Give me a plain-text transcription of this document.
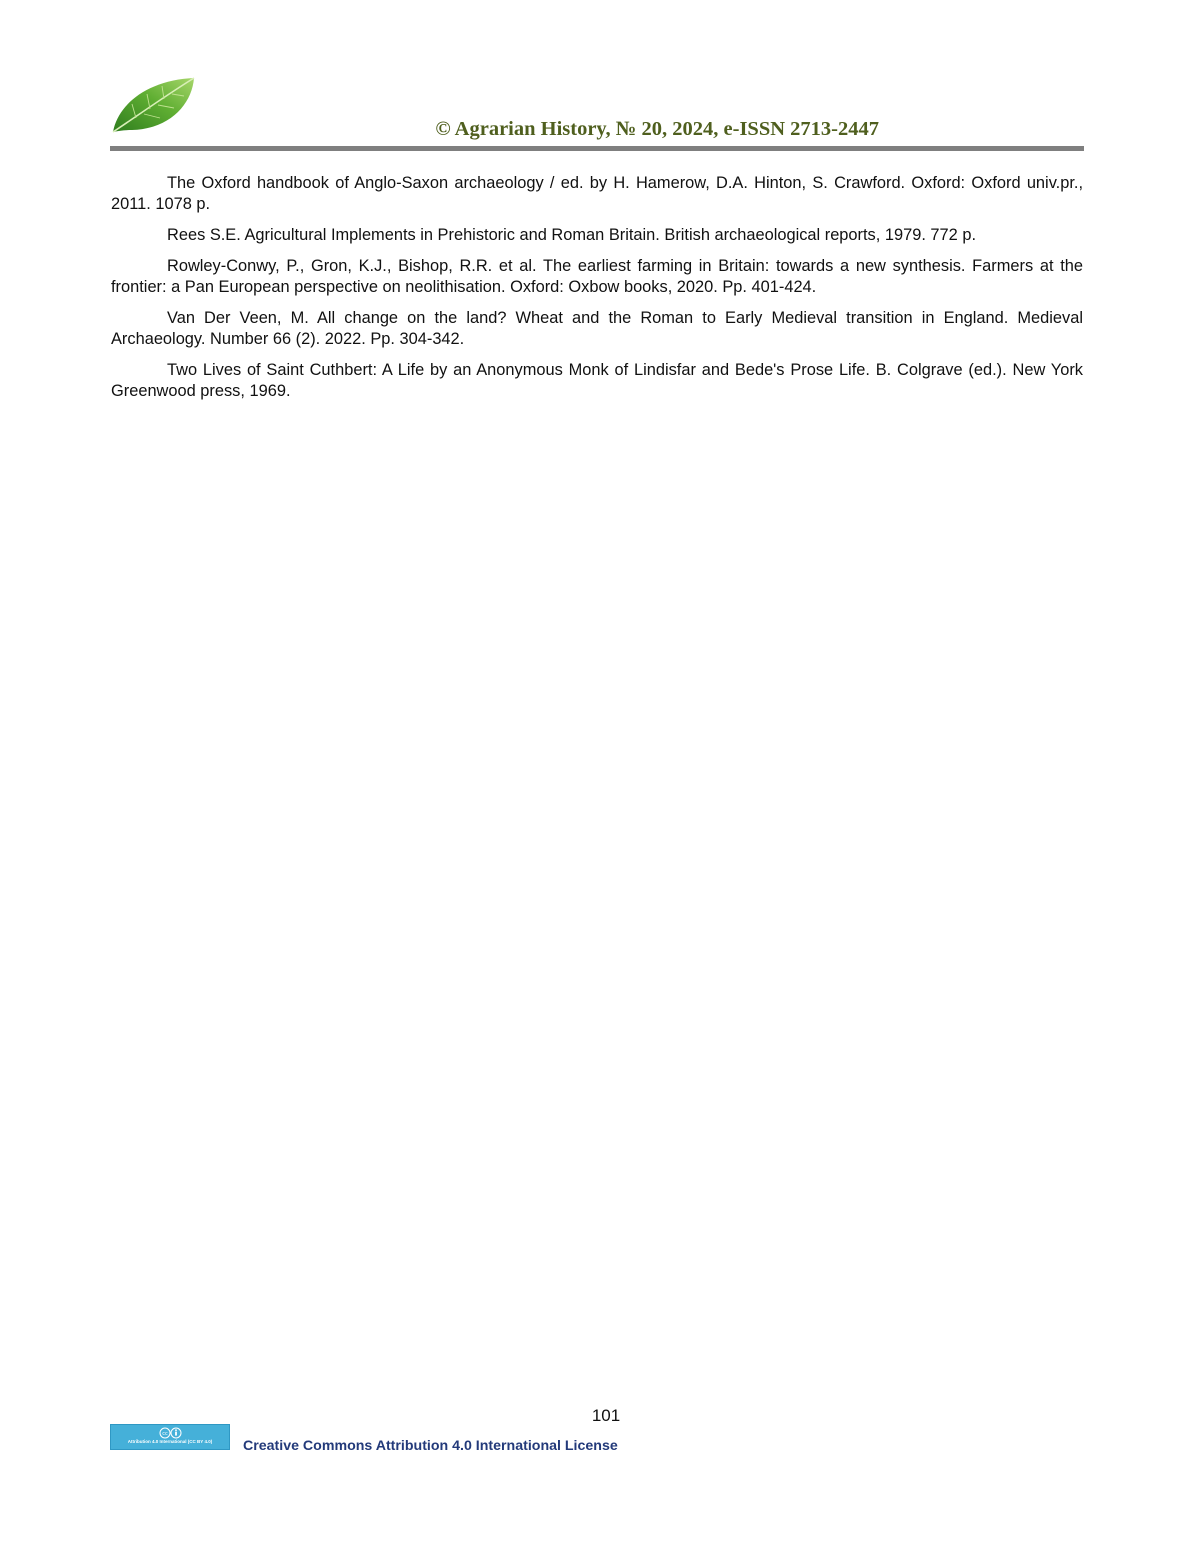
© Agrarian History, № 20, 2024, e-ISSN 2713-2447

The Oxford handbook of Anglo-Saxon archaeology / ed. by H. Hamerow, D.A. Hinton, S. Crawford. Oxford: Oxford univ.pr., 2011. 1078 p.

Rees S.E. Agricultural Implements in Prehistoric and Roman Britain. British archaeological reports, 1979. 772 p.

Rowley-Conwy, P., Gron, K.J., Bishop, R.R. et al. The earliest farming in Britain: towards a new synthesis. Farmers at the frontier: a Pan European perspective on neolithisation. Oxford: Oxbow books, 2020. Pp. 401-424.

Van Der Veen, M. All change on the land? Wheat and the Roman to Early Medieval transition in England. Medieval Archaeology. Number 66 (2). 2022. Pp. 304-342.

Two Lives of Saint Cuthbert: A Life by an Anonymous Monk of Lindisfar and Bede's Prose Life. B. Colgrave (ed.). New York Greenwood press, 1969.

101
cc
Attribution 4.0 International (CC BY 4.0)	Creative Commons Attribution 4.0 International License
